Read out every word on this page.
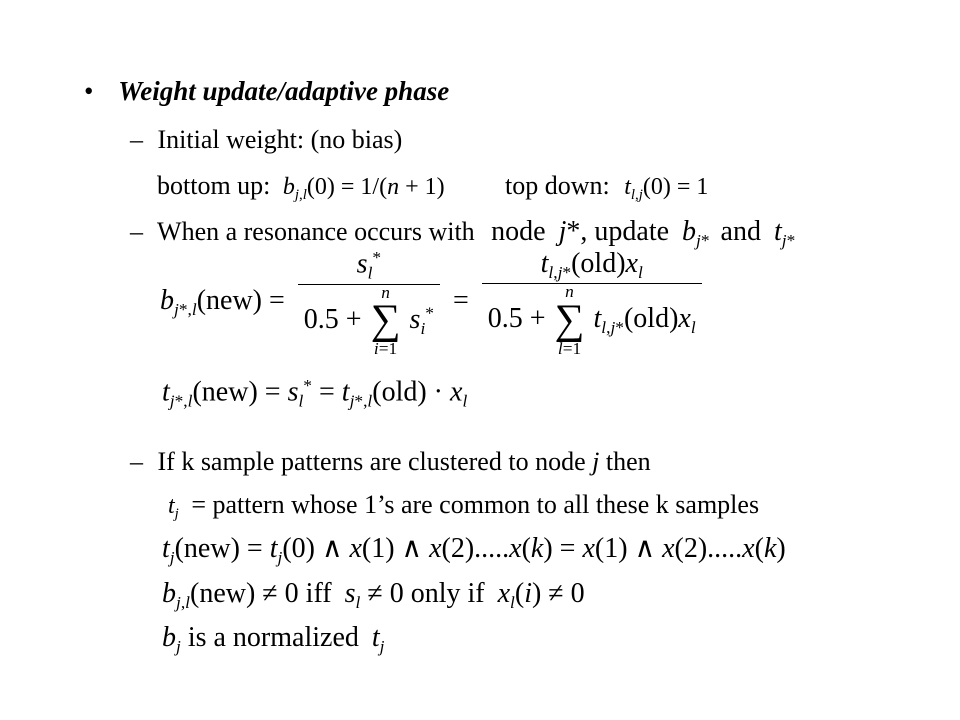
• Weight update/adaptive phase
– Initial weight: (no bias)
bottom up: $b_{j,l}(0) = 1/(n + 1)$ top down: $t_{l,j}(0) = 1$
– When a resonance occurs with node j*, update $b_{j*}$ and $t_{j*}$
$b_{j*,l}(new) = s_l^*$
0.5 +
n
∑
i=1
$s_i^* = t_{l,j*}(old)x_l$
0.5 +
n
∑
l=1
$t_{l,j*}(old)x_l$
$t_{j*,l}(new) = s_l^* = t_{j*,l}(old) \cdot x_l$
– If k sample patterns are clustered to node j then
$t_j$ = pattern whose 1’s are common to all these k samples
$t_j(new) = t_j(0)$ ∧ x(1) ∧ x(2).....x(k) = x(1) ∧ x(2).....x(k)
$b_{j,l}(new) \ne 0$ iff $s_l \ne 0$ only if $x_l(i) \ne 0$
$b_j$ is a normalized $t_j$
